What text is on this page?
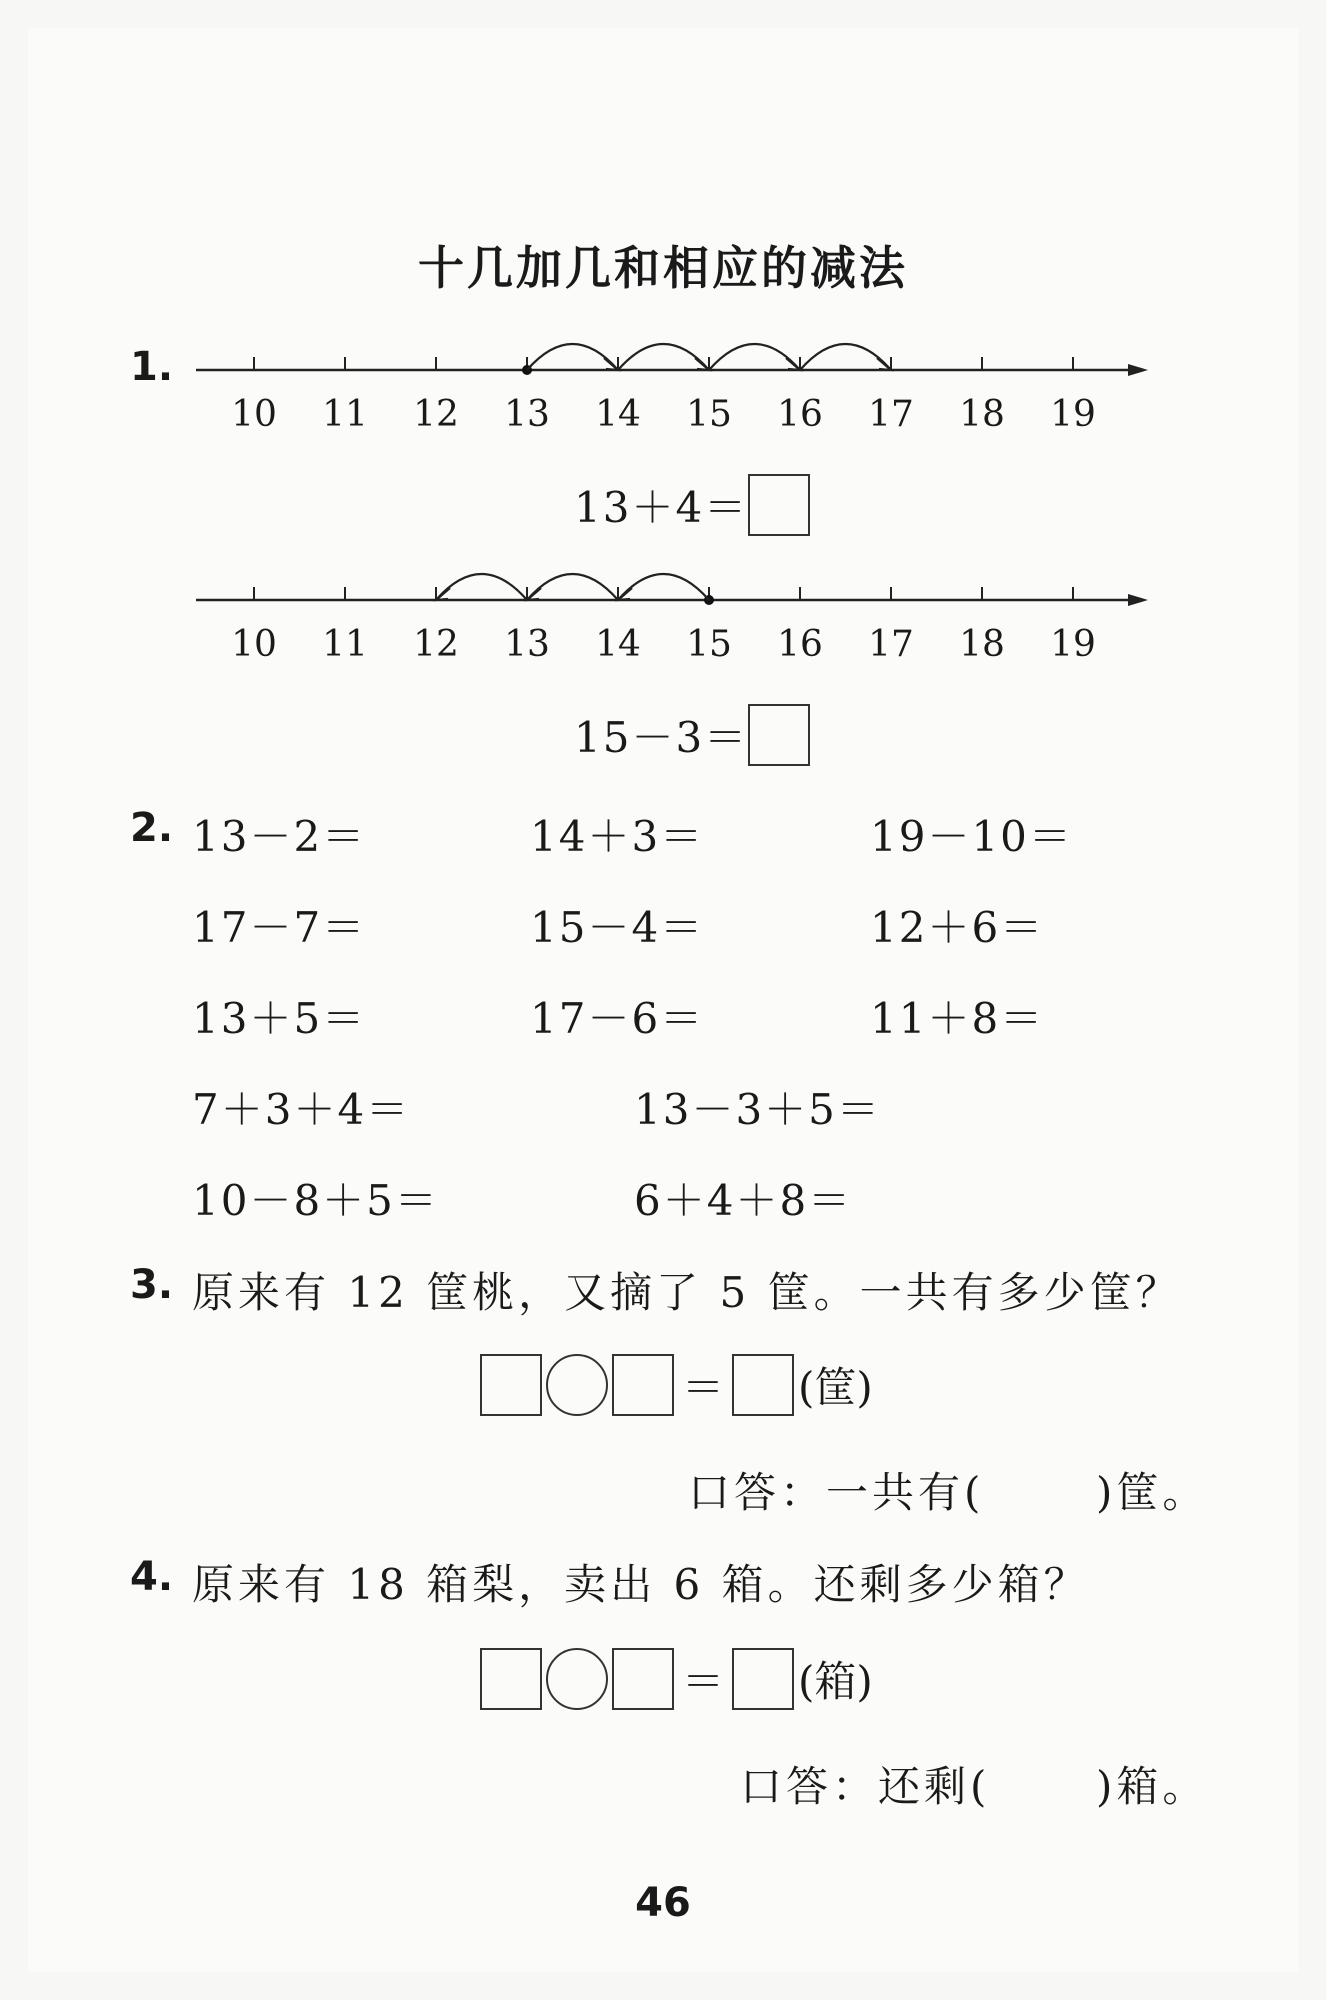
十几加几和相应的减法
1.
10 11 12 13 14 15 16 17 18 19
13＋4＝
10 11 12 13 14 15 16 17 18 19
15－3＝
2. 13－2＝	14＋3＝	19－10＝
17－7＝	15－4＝	12＋6＝
13＋5＝	17－6＝	11＋8＝
7＋3＋4＝	13－3＋5＝
10－8＋5＝	6＋4＋8＝
3. 原来有 12 筐桃，又摘了 5 筐。一共有多少筐？
＝ (筐)
口答：一共有(	)筐。
4. 原来有 18 箱梨，卖出 6 箱。还剩多少箱？
＝ (箱)
口答：还剩(	)箱。
46
